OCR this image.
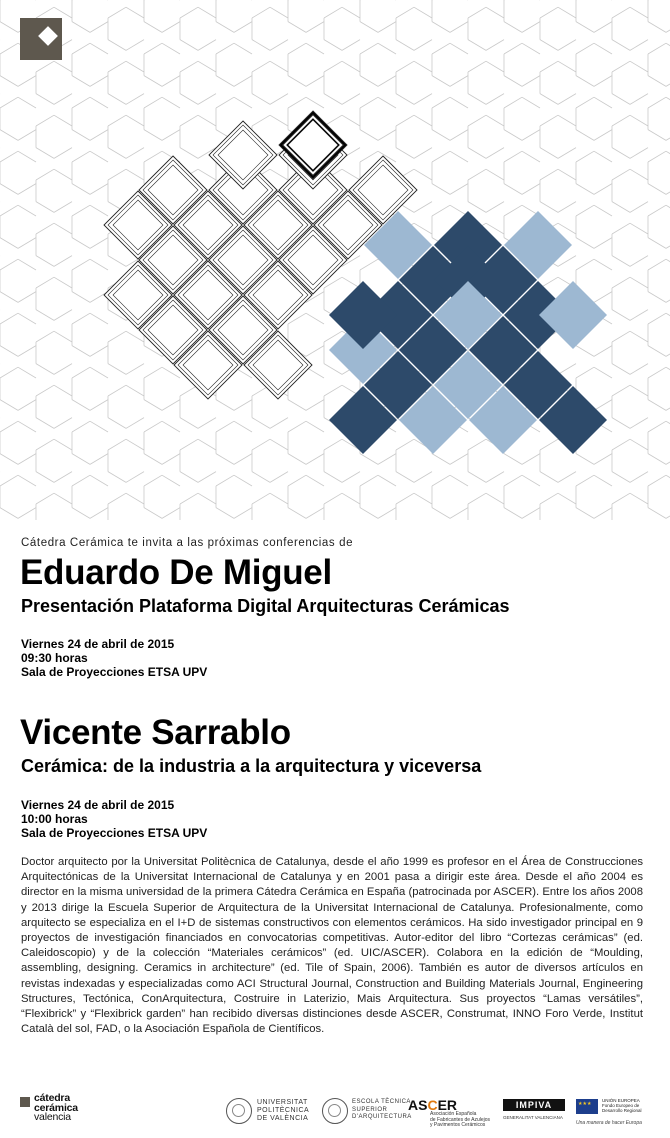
Cátedra Cerámica te invita a las próximas conferencias de
Eduardo De Miguel
Presentación Plataforma Digital Arquitecturas Cerámicas
Viernes 24 de abril de 2015
09:30 horas
Sala de Proyecciones ETSA UPV
Vicente Sarrablo
Cerámica: de la industria a la arquitectura y viceversa
Viernes 24 de abril de 2015
10:00 horas
Sala de Proyecciones ETSA UPV
Doctor arquitecto por la Universitat Politècnica de Catalunya, desde el año 1999 es profesor en el Área de Construcciones Arquitectónicas de la Universitat Internacional de Catalunya y en 2001 pasa a dirigir este área. Desde el año 2004 es director en la misma universidad de la primera Cátedra Cerámica en España (patrocinada por ASCER). Entre los años 2008 y 2013 dirige la Escuela Superior de Arquitectura de la Universitat Internacional de Catalunya. Profesionalmente, como arquitecto se especializa en el I+D de sistemas constructivos con elementos cerámicos. Ha sido investigador principal en 9 proyectos de investigación financiados en convocatorias competitivas. Autor-editor del libro “Cortezas cerámicas” (ed. Caleidoscopio) y de la colección “Materiales cerámicos” (ed. UIC/ASCER). Colabora en la edición de “Moulding, assembling, designing. Ceramics in architecture” (ed. Tile of Spain, 2006). También es autor de diversos artículos en revistas indexadas y especializadas como ACI Structural Journal, Construction and Building Materials Journal, Engineering Structures, Tectónica, ConArquitectura, Costruire in Laterizio, Mais Arquitectura. Sus proyectos “Lamas versátiles”, “Flexibrick” y “Flexibrick garden” han recibido diversas distinciones desde ASCER, Construmat, INNO Foro Verde, Institut Català del sol, FAD, o la Asociación Española de Científicos.
cátedra
cerámica
valencia
UNIVERSITAT
POLITÈCNICA
DE VALÈNCIA
ESCOLA TÈCNICA
SUPERIOR
D'ARQUITECTURA
ASCER
Asociación Española
de Fabricantes de Azulejos
y Pavimentos Cerámicos
IMPIVA
GENERALITAT VALENCIANA
★★★
UNIÓN EUROPEA
Fondo Europeo de
Desarrollo Regional
Una manera de hacer Europa
